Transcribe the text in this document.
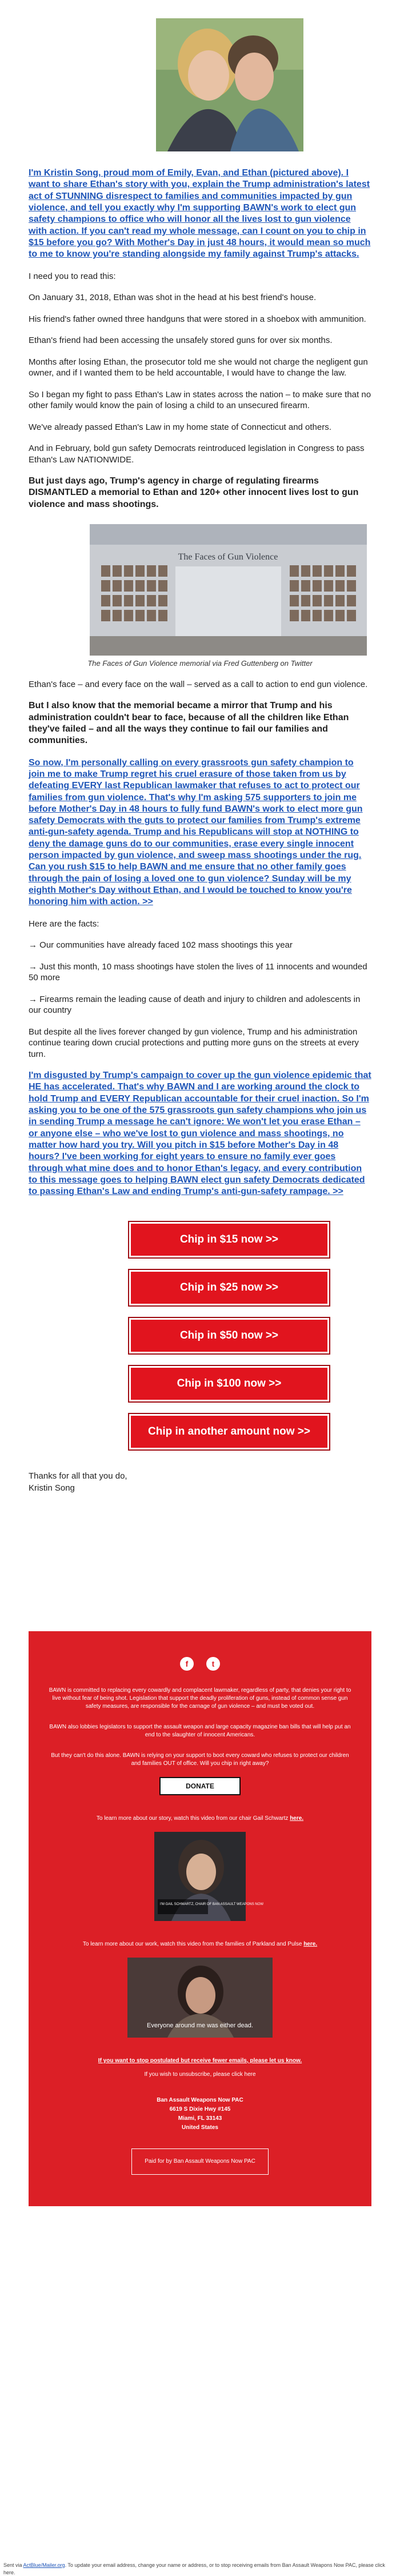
I'm Kristin Song, proud mom of Emily, Evan, and Ethan (pictured above). I want to share Ethan's story with you, explain the Trump administration's latest act of STUNNING disrespect to families and communities impacted by gun violence, and tell you exactly why I'm supporting BAWN's work to elect gun safety champions to office who will honor all the lives lost to gun violence with action. If you can't read my whole message, can I count on you to chip in $15 before you go? With Mother's Day in just 48 hours, it would mean so much to me to know you're standing alongside my family against Trump's attacks.

I need you to read this:

On January 31, 2018, Ethan was shot in the head at his best friend's house.

His friend's father owned three handguns that were stored in a shoebox with ammunition.

Ethan's friend had been accessing the unsafely stored guns for over six months.

Months after losing Ethan, the prosecutor told me she would not charge the negligent gun owner, and if I wanted them to be held accountable, I would have to change the law.

So I began my fight to pass Ethan's Law in states across the nation – to make sure that no other family would know the pain of losing a child to an unsecured firearm.

We've already passed Ethan's Law in my home state of Connecticut and others.

And in February, bold gun safety Democrats reintroduced legislation in Congress to pass Ethan's Law NATIONWIDE.

But just days ago, Trump's agency in charge of regulating firearms DISMANTLED a memorial to Ethan and 120+ other innocent lives lost to gun violence and mass shootings.

The Faces of Gun Violence

The Faces of Gun Violence memorial via Fred Guttenberg on Twitter

Ethan's face – and every face on the wall – served as a call to action to end gun violence.

But I also know that the memorial became a mirror that Trump and his administration couldn't bear to face, because of all the children like Ethan they've failed – and all the ways they continue to fail our families and communities.

So now, I'm personally calling on every grassroots gun safety champion to join me to make Trump regret his cruel erasure of those taken from us by defeating EVERY last Republican lawmaker that refuses to act to protect our families from gun violence. That's why I'm asking 575 supporters to join me before Mother's Day in 48 hours to fully fund BAWN's work to elect more gun safety Democrats with the guts to protect our families from Trump's extreme anti-gun-safety agenda. Trump and his Republicans will stop at NOTHING to deny the damage guns do to our communities, erase every single innocent person impacted by gun violence, and sweep mass shootings under the rug. Can you rush $15 to help BAWN and me ensure that no other family goes through the pain of losing a loved one to gun violence? Sunday will be my eighth Mother's Day without Ethan, and I would be touched to know you're honoring him with action. >>

Here are the facts:

→ Our communities have already faced 102 mass shootings this year

→ Just this month, 10 mass shootings have stolen the lives of 11 innocents and wounded 50 more

→ Firearms remain the leading cause of death and injury to children and adolescents in our country

But despite all the lives forever changed by gun violence, Trump and his administration continue tearing down crucial protections and putting more guns on the streets at every turn.

I'm disgusted by Trump's campaign to cover up the gun violence epidemic that HE has accelerated. That's why BAWN and I are working around the clock to hold Trump and EVERY Republican accountable for their cruel inaction. So I'm asking you to be one of the 575 grassroots gun safety champions who join us in sending Trump a message he can't ignore: We won't let you erase Ethan – or anyone else – who we've lost to gun violence and mass shootings, no matter how hard you try. Will you pitch in $15 before Mother's Day in 48 hours? I've been working for eight years to ensure no family ever goes through what mine does and to honor Ethan's legacy, and every contribution to this message goes to helping BAWN elect gun safety Democrats dedicated to passing Ethan's Law and ending Trump's anti-gun-safety rampage. >>

Chip in $15 now >>
Chip in $25 now >>
Chip in $50 now >>
Chip in $100 now >>
Chip in another amount now >>
Thanks for all that you do,
Kristin Song
f	t

BAWN is committed to replacing every cowardly and complacent lawmaker, regardless of party, that denies your right to live without fear of being shot. Legislation that support the deadly proliferation of guns, instead of common sense gun safety measures, are responsible for the carnage of gun violence – and must be voted out.

BAWN also lobbies legislators to support the assault weapon and large capacity magazine ban bills that will help put an end to the slaughter of innocent Americans.

But they can't do this alone. BAWN is relying on your support to boot every coward who refuses to protect our children and families OUT of office. Will you chip in right away?

DONATE

To learn more about our story, watch this video from our chair Gail Schwartz here.

I'M GAIL SCHWARTZ, CHAIR OF BAN ASSAULT WEAPONS NOW

To learn more about our work, watch this video from the families of Parkland and Pulse here.

Everyone around me was either dead.

If you want to stop postulated but receive fewer emails, please let us know.

If you wish to unsubscribe, please click here

Ban Assault Weapons Now PAC
6619 S Dixie Hwy #145
Miami, FL 33143
United States
Paid for by Ban Assault Weapons Now PAC
Sent via ActBlue/Mailer.org. To update your email address, change your name or address, or to stop receiving emails from Ban Assault Weapons Now PAC, please click here.
